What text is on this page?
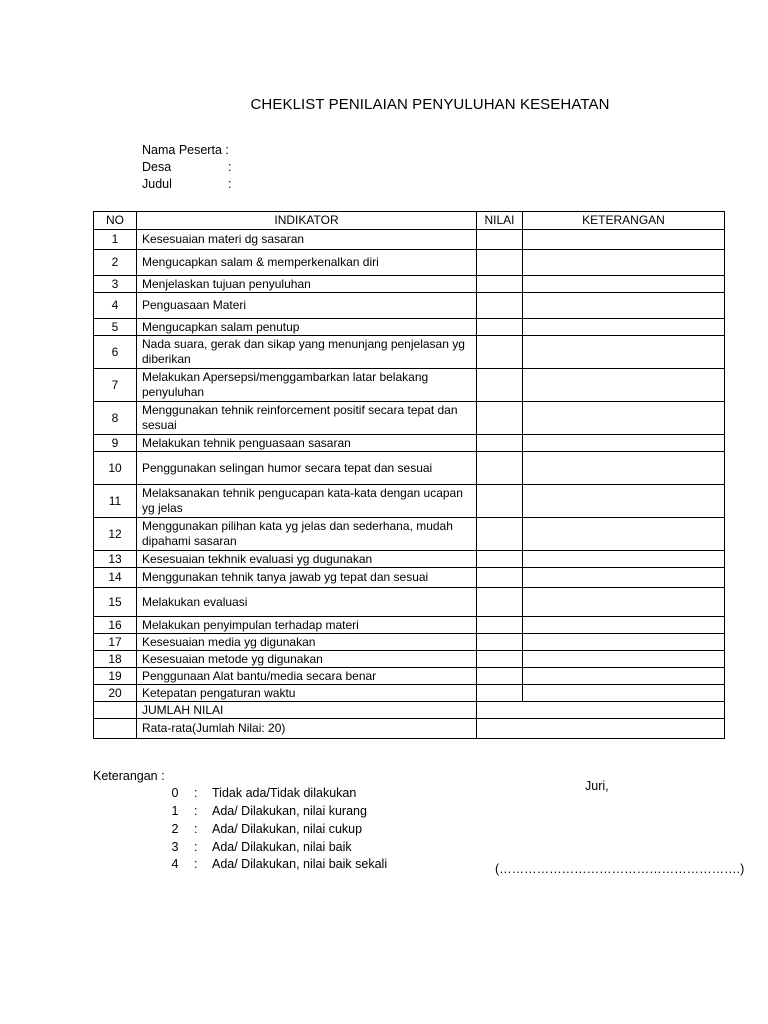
CHEKLIST PENILAIAN PENYULUHAN KESEHATAN
Nama Peserta :
Desa	:
Judul	:
NO	INDIKATOR	NILAI	KETERANGAN
1	Kesesuaian materi dg sasaran		
2	Mengucapkan salam & memperkenalkan diri		
3	Menjelaskan tujuan penyuluhan		
4	Penguasaan Materi		
5	Mengucapkan salam penutup		
6	Nada suara, gerak dan sikap yang menunjang penjelasan yg diberikan		
7	Melakukan Apersepsi/menggambarkan latar belakang penyuluhan		
8	Menggunakan tehnik reinforcement positif secara tepat dan sesuai		
9	Melakukan tehnik penguasaan sasaran		
10	Penggunakan selingan humor secara tepat dan sesuai		
11	Melaksanakan tehnik pengucapan kata-kata dengan ucapan yg jelas		
12	Menggunakan pilihan kata yg jelas dan sederhana, mudah dipahami sasaran		
13	Kesesuaian tekhnik evaluasi yg dugunakan		
14	Menggunakan tehnik tanya jawab yg tepat dan sesuai		
15	Melakukan evaluasi		
16	Melakukan penyimpulan terhadap materi		
17	Kesesuaian media yg digunakan		
18	Kesesuaian metode yg digunakan		
19	Penggunaan Alat bantu/media secara benar		
20	Ketepatan pengaturan waktu		
	JUMLAH NILAI		
	Rata-rata(Jumlah Nilai: 20)		
Keterangan :
0 : Tidak ada/Tidak dilakukan
1 : Ada/ Dilakukan, nilai kurang
2 : Ada/ Dilakukan, nilai cukup
3 : Ada/ Dilakukan, nilai baik
4 : Ada/ Dilakukan, nilai baik sekali
Juri,
(………………………………………………….)
